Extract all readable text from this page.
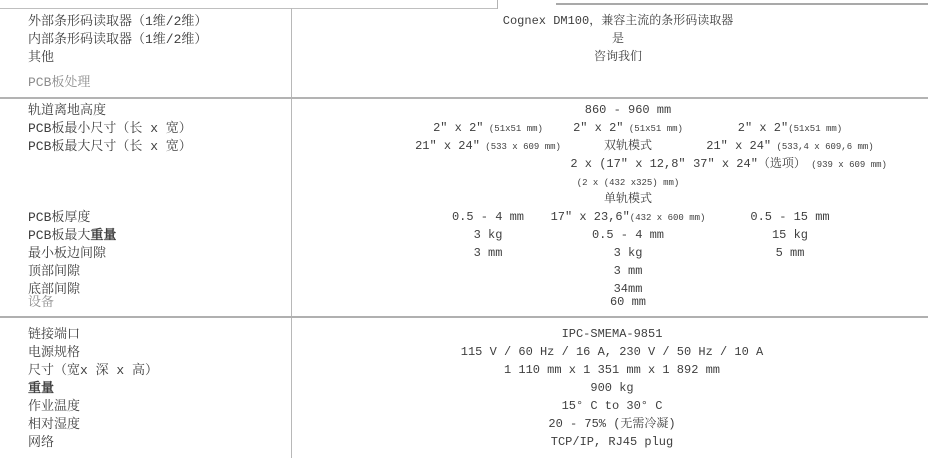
外部条形码读取器（1维/2维）
内部条形码读取器（1维/2维）
其他
PCB板处理
Cognex DM100，兼容主流的条形码读取器
是
咨询我们
轨道离地高度
PCB板最小尺寸（长 x 宽）
PCB板最大尺寸（长 x 宽）
PCB板厚度
PCB板最大重量
最小板边间隙
顶部间隙
底部间隙
设备
2″ x 2″ (51x51 mm)
21″ x 24″ (533 x 609 mm)
0.5 - 4 mm
3 kg
3 mm
860 - 960 mm
2″ x 2″ (51x51 mm)
双轨模式
2 x (17″ x 12,8″
(2 x (432 x325) mm)
单轨模式
17″ x 23,6″(432 x 600 mm)
0.5 - 4 mm
3 kg
3 mm
34mm
60 mm
2″ x 2″(51x51 mm)
21″ x 24″ (533,4 x 609,6 mm)
37″ x 24″（选项） (939 x 609 mm)
0.5 - 15 mm
15 kg
5 mm
链接端口
电源规格
尺寸（宽x 深 x 高）
重量
作业温度
相对湿度
网络
IPC-SMEMA-9851
115 V / 60 Hz / 16 A, 230 V / 50 Hz / 10 A
1 110 mm x 1 351 mm x 1 892 mm
900 kg
15° C to 30° C
20 - 75% (无需冷凝)
TCP/IP, RJ45 plug
